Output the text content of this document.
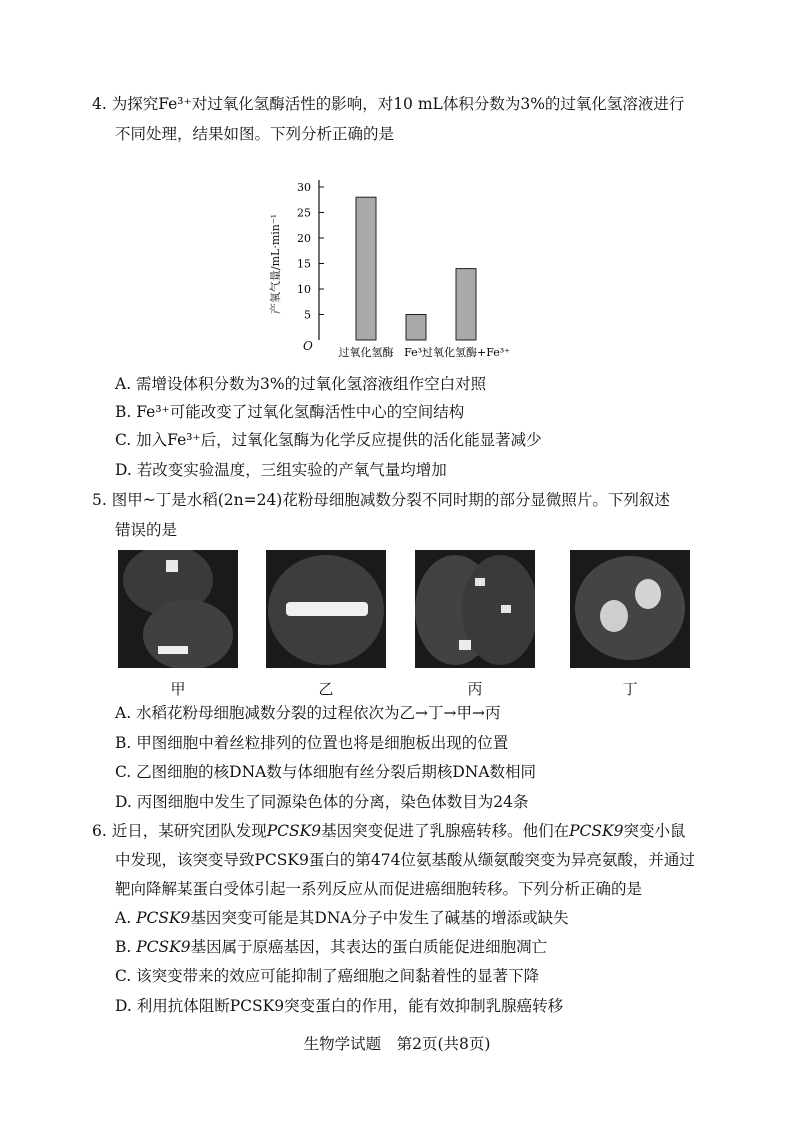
4. 为探究Fe³⁺对过氧化氢酶活性的影响，对10 mL体积分数为3%的过氧化氢溶液进行
不同处理，结果如图。下列分析正确的是
产氧气量/mL·min⁻¹
O
30
25
20
15
10
5
过氧化氢酶 Fe³⁺
过氧化氢酶+Fe³⁺
A. 需增设体积分数为3%的过氧化氢溶液组作空白对照
B. Fe³⁺可能改变了过氧化氢酶活性中心的空间结构
C. 加入Fe³⁺后，过氧化氢酶为化学反应提供的活化能显著减少
D. 若改变实验温度，三组实验的产氧气量均增加
5. 图甲~丁是水稻(2n=24)花粉母细胞减数分裂不同时期的部分显微照片。下列叙述
错误的是
甲	乙	丙	丁
A. 水稻花粉母细胞减数分裂的过程依次为乙→丁→甲→丙
B. 甲图细胞中着丝粒排列的位置也将是细胞板出现的位置
C. 乙图细胞的核DNA数与体细胞有丝分裂后期核DNA数相同
D. 丙图细胞中发生了同源染色体的分离，染色体数目为24条
6. 近日，某研究团队发现PCSK9基因突变促进了乳腺癌转移。他们在PCSK9突变小鼠
中发现，该突变导致PCSK9蛋白的第474位氨基酸从缬氨酸突变为异亮氨酸，并通过
靶向降解某蛋白受体引起一系列反应从而促进癌细胞转移。下列分析正确的是
A. PCSK9基因突变可能是其DNA分子中发生了碱基的增添或缺失
B. PCSK9基因属于原癌基因，其表达的蛋白质能促进细胞凋亡
C. 该突变带来的效应可能抑制了癌细胞之间黏着性的显著下降
D. 利用抗体阻断PCSK9突变蛋白的作用，能有效抑制乳腺癌转移
生物学试题　第2页(共8页)
